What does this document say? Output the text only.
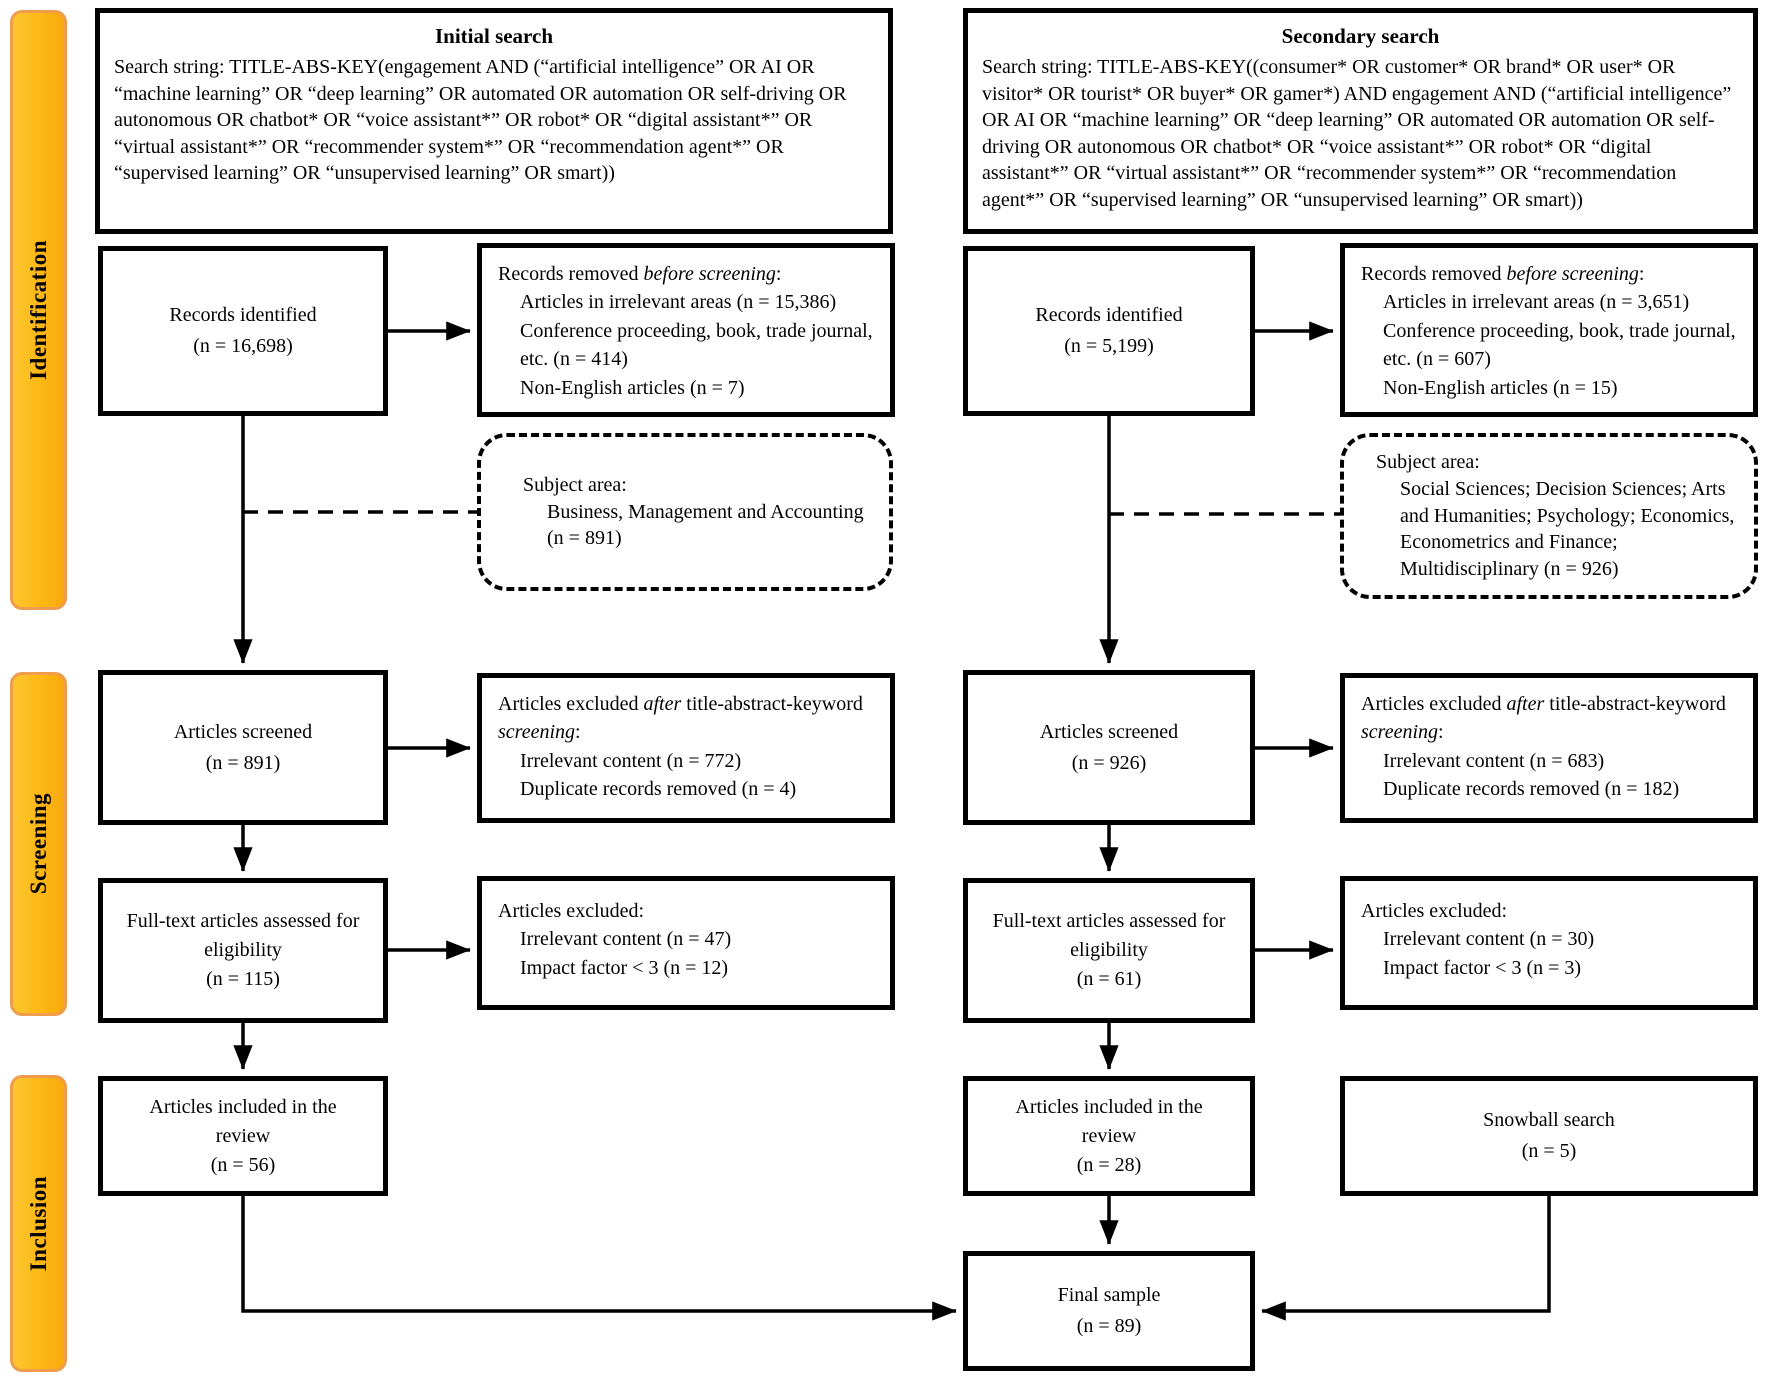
Identification
Screening
Inclusion
Initial search
Search string: TITLE-ABS-KEY(engagement AND (“artificial intelligence” OR AI OR “machine learning” OR “deep learning” OR automated OR automation OR self-driving OR autonomous OR chatbot* OR “voice assistant*” OR robot* OR “digital assistant*” OR “virtual assistant*” OR “recommender system*” OR “recommendation agent*” OR “supervised learning” OR “unsupervised learning” OR smart))
Records identified
(n = 16,698)
Records removed before screening:
Articles in irrelevant areas (n = 15,386)
Conference proceeding, book, trade journal, etc. (n = 414)
Non-English articles (n = 7)
Subject area:
Business, Management and Accounting (n = 891)
Articles screened
(n = 891)
Articles excluded after title-abstract-keyword screening:
Irrelevant content (n = 772)
Duplicate records removed (n = 4)
Full-text articles assessed for eligibility
(n = 115)
Articles excluded:
Irrelevant content (n = 47)
Impact factor < 3 (n = 12)
Articles included in the review
(n = 56)
Secondary search
Search string: TITLE-ABS-KEY((consumer* OR customer* OR brand* OR user* OR visitor* OR tourist* OR buyer* OR gamer*) AND engagement AND (“artificial intelligence” OR AI OR “machine learning” OR “deep learning” OR automated OR automation OR self-driving OR autonomous OR chatbot* OR “voice assistant*” OR robot* OR “digital assistant*” OR “virtual assistant*” OR “recommender system*” OR “recommendation agent*” OR “supervised learning” OR “unsupervised learning” OR smart))
Records identified
(n = 5,199)
Records removed before screening:
Articles in irrelevant areas (n = 3,651)
Conference proceeding, book, trade journal, etc. (n = 607)
Non-English articles (n = 15)
Subject area:
Social Sciences; Decision Sciences; Arts and Humanities; Psychology; Economics, Econometrics and Finance; Multidisciplinary (n = 926)
Articles screened
(n = 926)
Articles excluded after title-abstract-keyword screening:
Irrelevant content (n = 683)
Duplicate records removed (n = 182)
Full-text articles assessed for eligibility
(n = 61)
Articles excluded:
Irrelevant content (n = 30)
Impact factor < 3 (n = 3)
Articles included in the review
(n = 28)
Snowball search
(n = 5)
Final sample
(n = 89)
